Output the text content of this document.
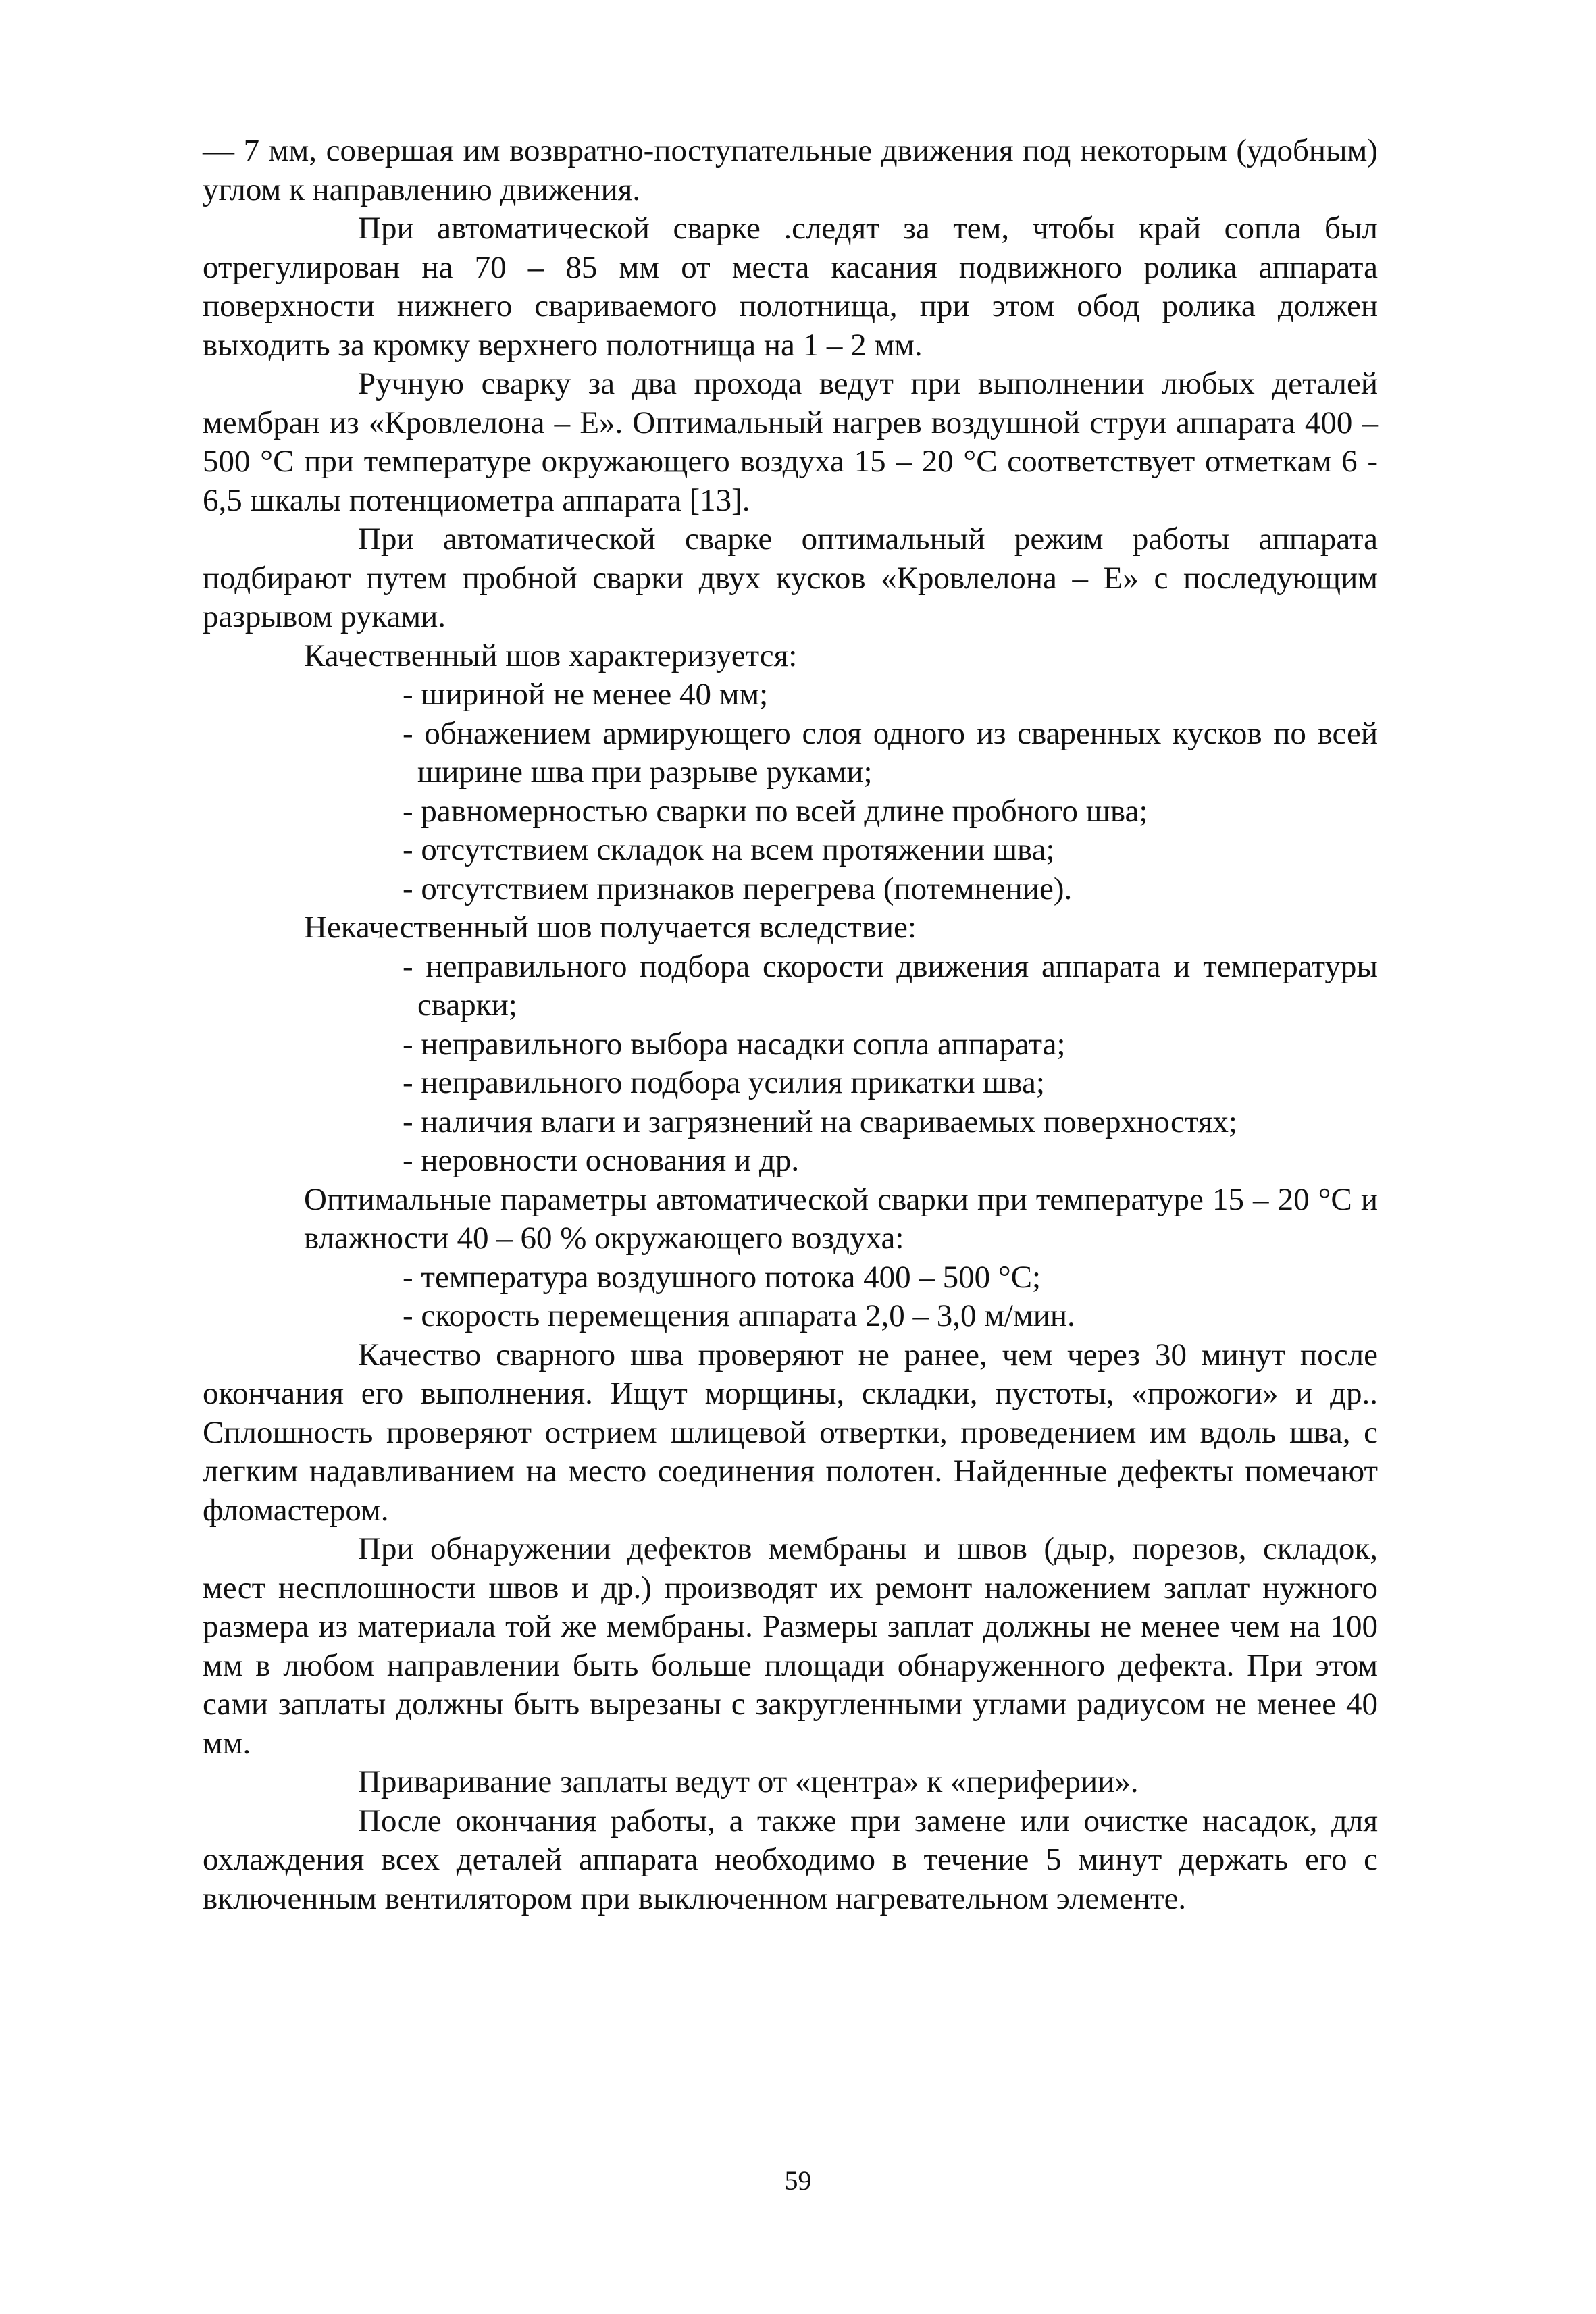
— 7 мм, совершая им возвратно-поступательные движения под некоторым (удобным) углом к направлению движения.

При автоматической сварке .следят за тем, чтобы край сопла был отрегулирован на 70 – 85 мм от места касания подвижного ролика аппарата поверхности нижнего свариваемого полотнища, при этом обод ролика должен выходить за кромку верхнего полотнища на 1 – 2 мм.

Ручную сварку за два прохода ведут при выполнении любых деталей мембран из «Кровлелона – Е». Оптимальный нагрев воздушной струи аппарата 400 – 500 °С при температуре окружающего воздуха 15 – 20 °С соответствует отметкам 6 - 6,5 шкалы потенциометра аппарата [13].

При автоматической сварке оптимальный режим работы аппарата подбирают путем пробной сварки двух кусков «Кровлелона – Е» с последующим разрывом руками.

Качественный шов характеризуется:

- шириной не менее 40 мм;

- обнажением армирующего слоя одного из сваренных кусков по всей ширине шва при разрыве руками;

- равномерностью сварки по всей длине пробного шва;

- отсутствием складок на всем протяжении шва;

- отсутствием признаков перегрева (потемнение).

Некачественный шов получается вследствие:

- неправильного подбора скорости движения аппарата и температуры сварки;

- неправильного выбора насадки сопла аппарата;

- неправильного подбора усилия прикатки шва;

- наличия влаги и загрязнений на свариваемых поверхностях;

- неровности основания и др.

Оптимальные параметры автоматической сварки при температуре 15 – 20 °С и влажности 40 – 60 % окружающего воздуха:

- температура воздушного потока 400 – 500 °С;

- скорость перемещения аппарата 2,0 – 3,0 м/мин.

Качество сварного шва проверяют не ранее, чем через 30 минут после окончания его выполнения. Ищут морщины, складки, пустоты, «прожоги» и др.. Сплошность проверяют острием шлицевой отвертки, проведением им вдоль шва, с легким надавливанием на место соединения полотен. Найденные дефекты помечают фломастером.

При обнаружении дефектов мембраны и швов (дыр, порезов, складок, мест несплошности швов и др.) производят их ремонт наложением заплат нужного размера из материала той же мембраны. Размеры заплат должны не менее чем на 100 мм в любом направлении быть больше площади обнаруженного дефекта. При этом сами заплаты должны быть вырезаны с закругленными углами радиусом не менее 40 мм.

Приваривание заплаты ведут от «центра» к «периферии».

После окончания работы, а также при замене или очистке насадок, для охлаждения всех деталей аппарата необходимо в течение 5 минут держать его с включенным вентилятором при выключенном нагревательном элементе.

59
